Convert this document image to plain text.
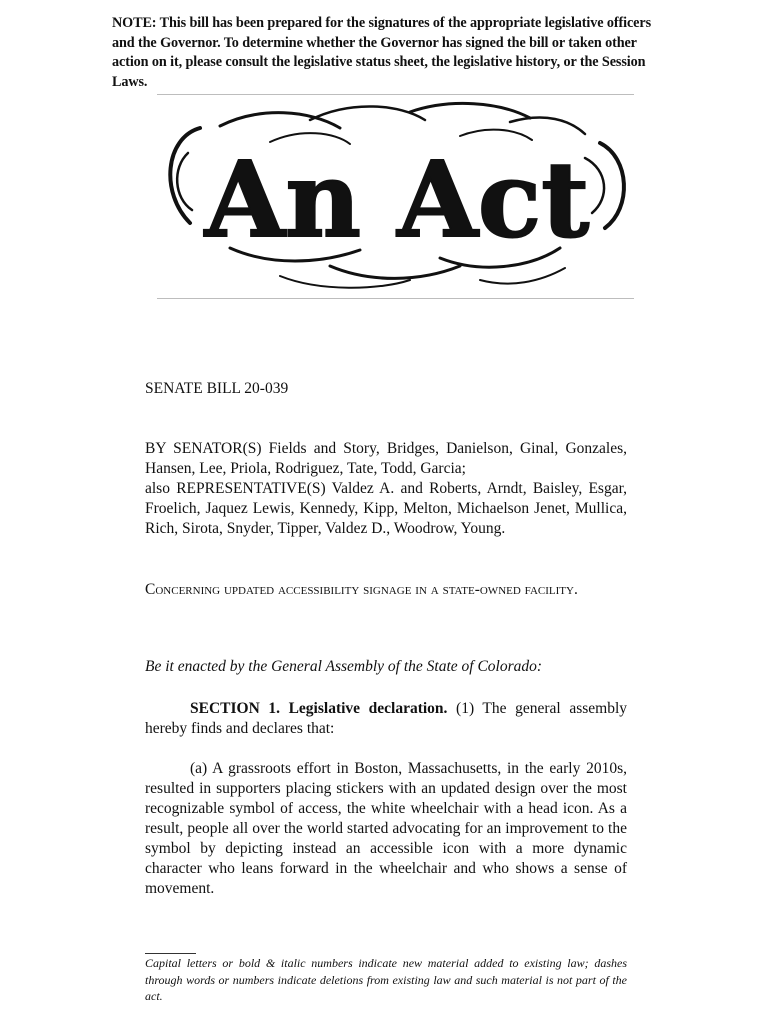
NOTE: This bill has been prepared for the signatures of the appropriate legislative officers and the Governor. To determine whether the Governor has signed the bill or taken other action on it, please consult the legislative status sheet, the legislative history, or the Session Laws.
An Act
SENATE BILL 20-039

BY SENATOR(S) Fields and Story, Bridges, Danielson, Ginal, Gonzales, Hansen, Lee, Priola, Rodriguez, Tate, Todd, Garcia;

also REPRESENTATIVE(S) Valdez A. and Roberts, Arndt, Baisley, Esgar, Froelich, Jaquez Lewis, Kennedy, Kipp, Melton, Michaelson Jenet, Mullica, Rich, Sirota, Snyder, Tipper, Valdez D., Woodrow, Young.

Concerning updated accessibility signage in a state-owned facility.
Be it enacted by the General Assembly of the State of Colorado:
SECTION 1. Legislative declaration. (1) The general assembly hereby finds and declares that:
(a) A grassroots effort in Boston, Massachusetts, in the early 2010s, resulted in supporters placing stickers with an updated design over the most recognizable symbol of access, the white wheelchair with a head icon. As a result, people all over the world started advocating for an improvement to the symbol by depicting instead an accessible icon with a more dynamic character who leans forward in the wheelchair and who shows a sense of movement.
Capital letters or bold & italic numbers indicate new material added to existing law; dashes through words or numbers indicate deletions from existing law and such material is not part of the act.
